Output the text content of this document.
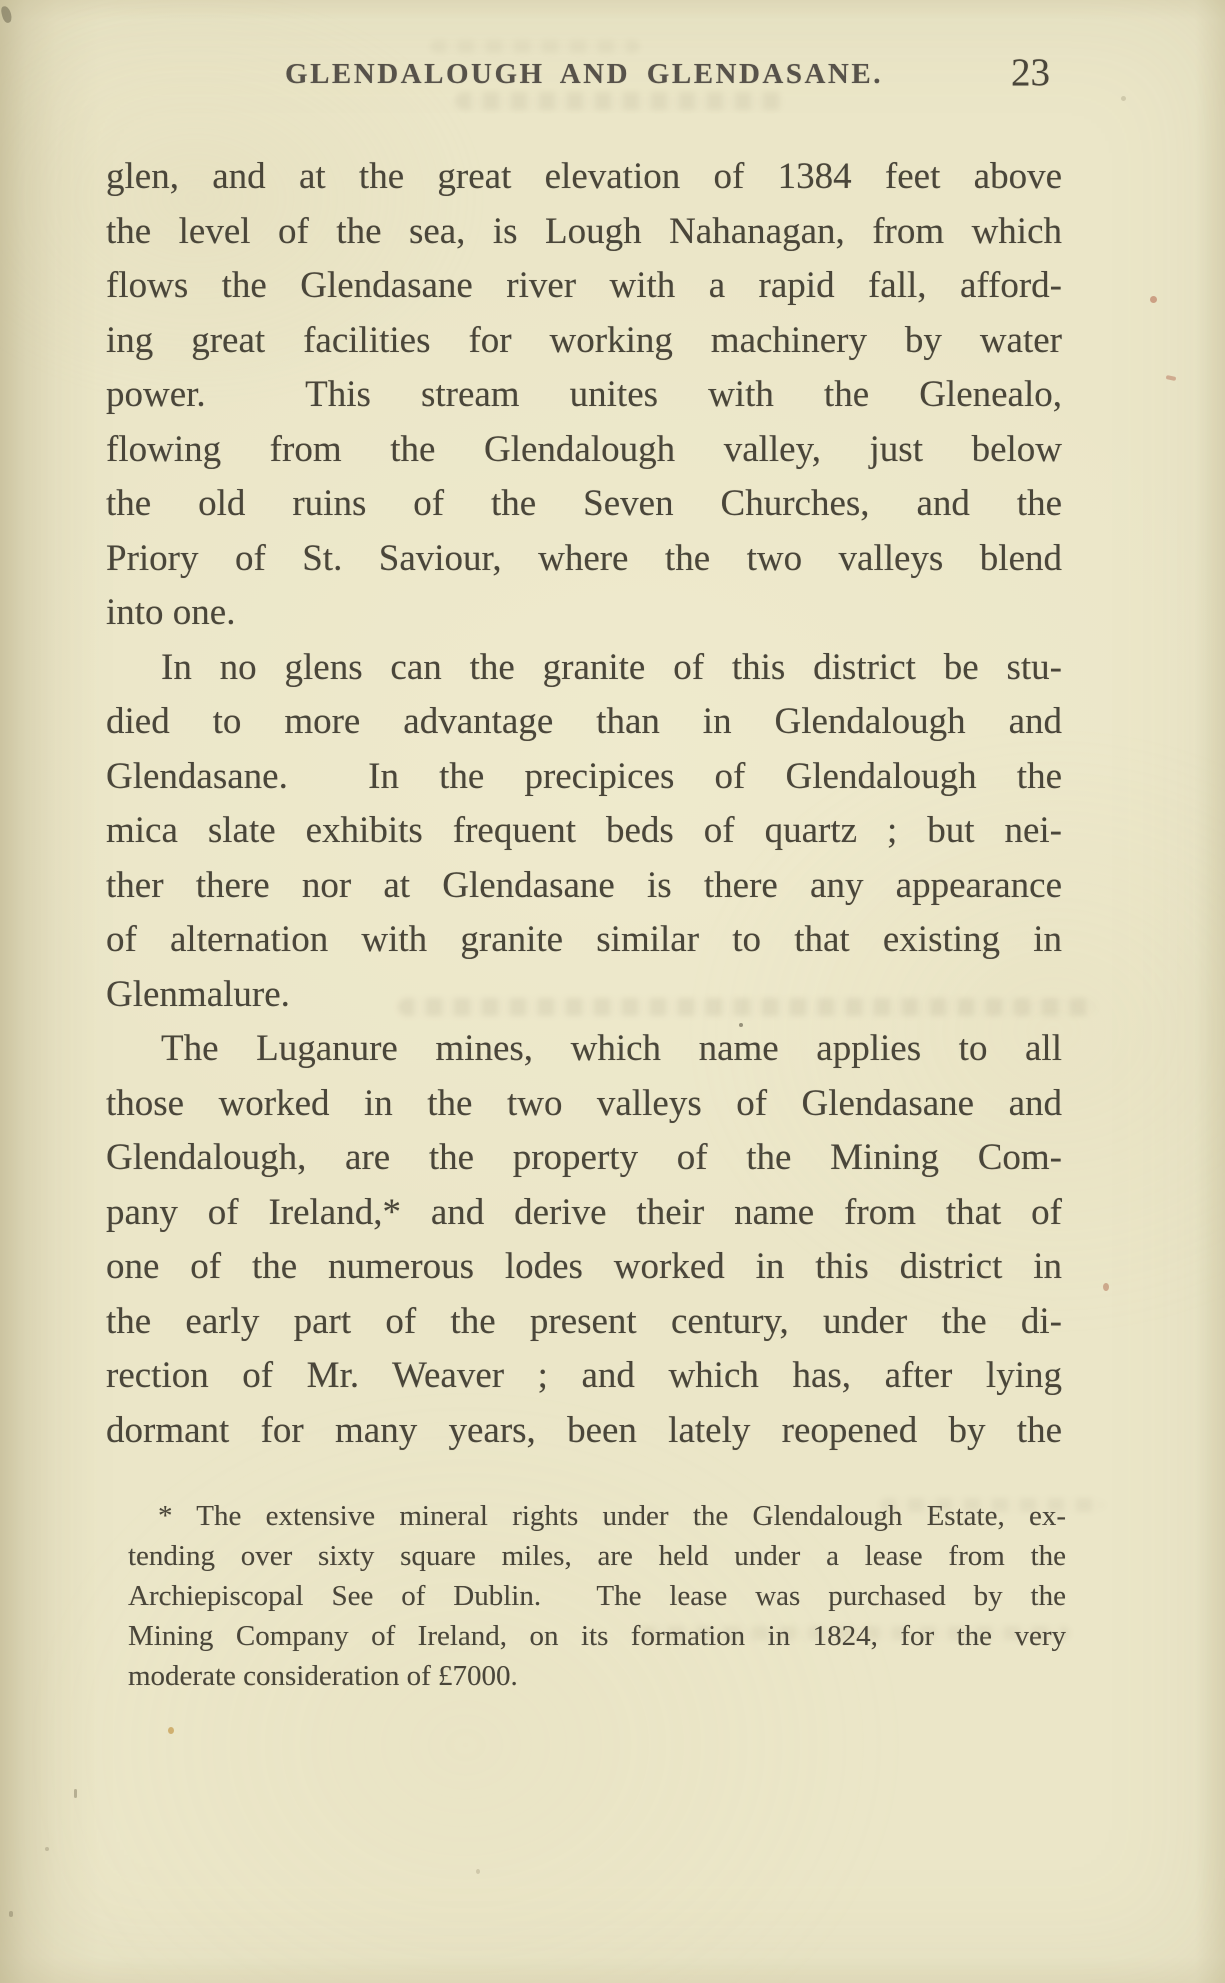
GLENDALOUGH AND GLENDASANE.	23
glen, and at the great elevation of 1384 feet above
the level of the sea, is Lough Nahanagan, from which
flows the Glendasane river with a rapid fall, afford-
ing great facilities for working machinery by water
power.  This stream unites with the Glenealo,
flowing from the Glendalough valley, just below
the old ruins of the Seven Churches, and the
Priory of St. Saviour, where the two valleys blend
into one.
In no glens can the granite of this district be stu-
died to more advantage than in Glendalough and
Glendasane.  In the precipices of Glendalough the
mica slate exhibits frequent beds of quartz ; but nei-
ther there nor at Glendasane is there any appearance
of alternation with granite similar to that existing in
Glenmalure.
The Luganure mines, which name applies to all
those worked in the two valleys of Glendasane and
Glendalough, are the property of the Mining Com-
pany of Ireland,* and derive their name from that of
one of the numerous lodes worked in this district in
the early part of the present century, under the di-
rection of Mr. Weaver ; and which has, after lying
dormant for many years, been lately reopened by the
* The extensive mineral rights under the Glendalough Estate, ex-
tending over sixty square miles, are held under a lease from the
Archiepiscopal See of Dublin.  The lease was purchased by the
Mining Company of Ireland, on its formation in 1824, for the very
moderate consideration of £7000.
